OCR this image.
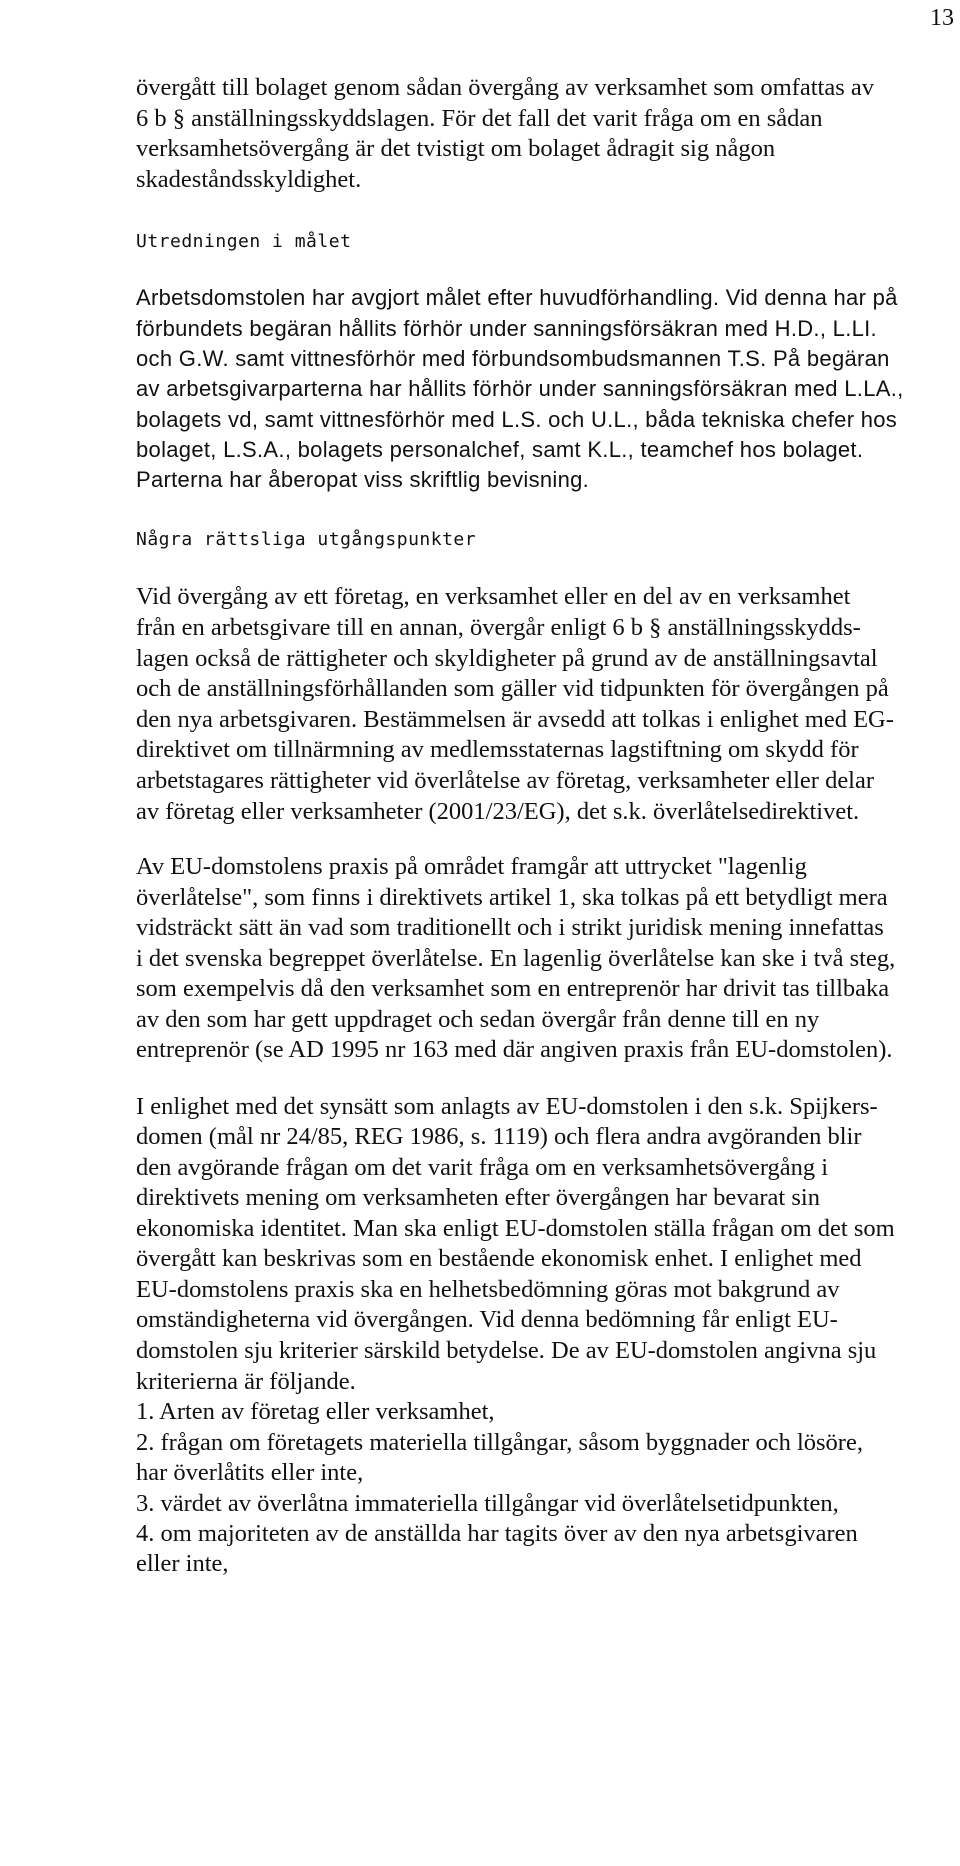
13
övergått till bolaget genom sådan övergång av verksamhet som omfattas av
6 b § anställningsskyddslagen. För det fall det varit fråga om en sådan
verksamhetsövergång är det tvistigt om bolaget ådragit sig någon
skadeståndsskyldighet.
Utredningen i målet
Arbetsdomstolen har avgjort målet efter huvudförhandling. Vid denna har på
förbundets begäran hållits förhör under sanningsförsäkran med H.D., L.LI.
och G.W. samt vittnesförhör med förbundsombudsmannen T.S. På begäran
av arbetsgivarparterna har hållits förhör under sanningsförsäkran med L.LA.,
bolagets vd, samt vittnesförhör med L.S. och U.L., båda tekniska chefer hos
bolaget, L.S.A., bolagets personalchef, samt K.L., teamchef hos bolaget.
Parterna har åberopat viss skriftlig bevisning.
Några rättsliga utgångspunkter
Vid övergång av ett företag, en verksamhet eller en del av en verksamhet
från en arbetsgivare till en annan, övergår enligt 6 b § anställningsskydds-
lagen också de rättigheter och skyldigheter på grund av de anställningsavtal
och de anställningsförhållanden som gäller vid tidpunkten för övergången på
den nya arbetsgivaren. Bestämmelsen är avsedd att tolkas i enlighet med EG-
direktivet om tillnärmning av medlemsstaternas lagstiftning om skydd för
arbetstagares rättigheter vid överlåtelse av företag, verksamheter eller delar
av företag eller verksamheter (2001/23/EG), det s.k. överlåtelsedirektivet.
Av EU-domstolens praxis på området framgår att uttrycket "lagenlig
överlåtelse", som finns i direktivets artikel 1, ska tolkas på ett betydligt mera
vidsträckt sätt än vad som traditionellt och i strikt juridisk mening innefattas
i det svenska begreppet överlåtelse. En lagenlig överlåtelse kan ske i två steg,
som exempelvis då den verksamhet som en entreprenör har drivit tas tillbaka
av den som har gett uppdraget och sedan övergår från denne till en ny
entreprenör (se AD 1995 nr 163 med där angiven praxis från EU-domstolen).
I enlighet med det synsätt som anlagts av EU-domstolen i den s.k. Spijkers-
domen (mål nr 24/85, REG 1986, s. 1119) och flera andra avgöranden blir
den avgörande frågan om det varit fråga om en verksamhetsövergång i
direktivets mening om verksamheten efter övergången har bevarat sin
ekonomiska identitet. Man ska enligt EU-domstolen ställa frågan om det som
övergått kan beskrivas som en bestående ekonomisk enhet. I enlighet med
EU-domstolens praxis ska en helhetsbedömning göras mot bakgrund av
omständigheterna vid övergången. Vid denna bedömning får enligt EU-
domstolen sju kriterier särskild betydelse. De av EU-domstolen angivna sju
kriterierna är följande.
1. Arten av företag eller verksamhet,
2. frågan om företagets materiella tillgångar, såsom byggnader och lösöre,
har överlåtits eller inte,
3. värdet av överlåtna immateriella tillgångar vid överlåtelsetidpunkten,
4. om majoriteten av de anställda har tagits över av den nya arbetsgivaren
eller inte,
